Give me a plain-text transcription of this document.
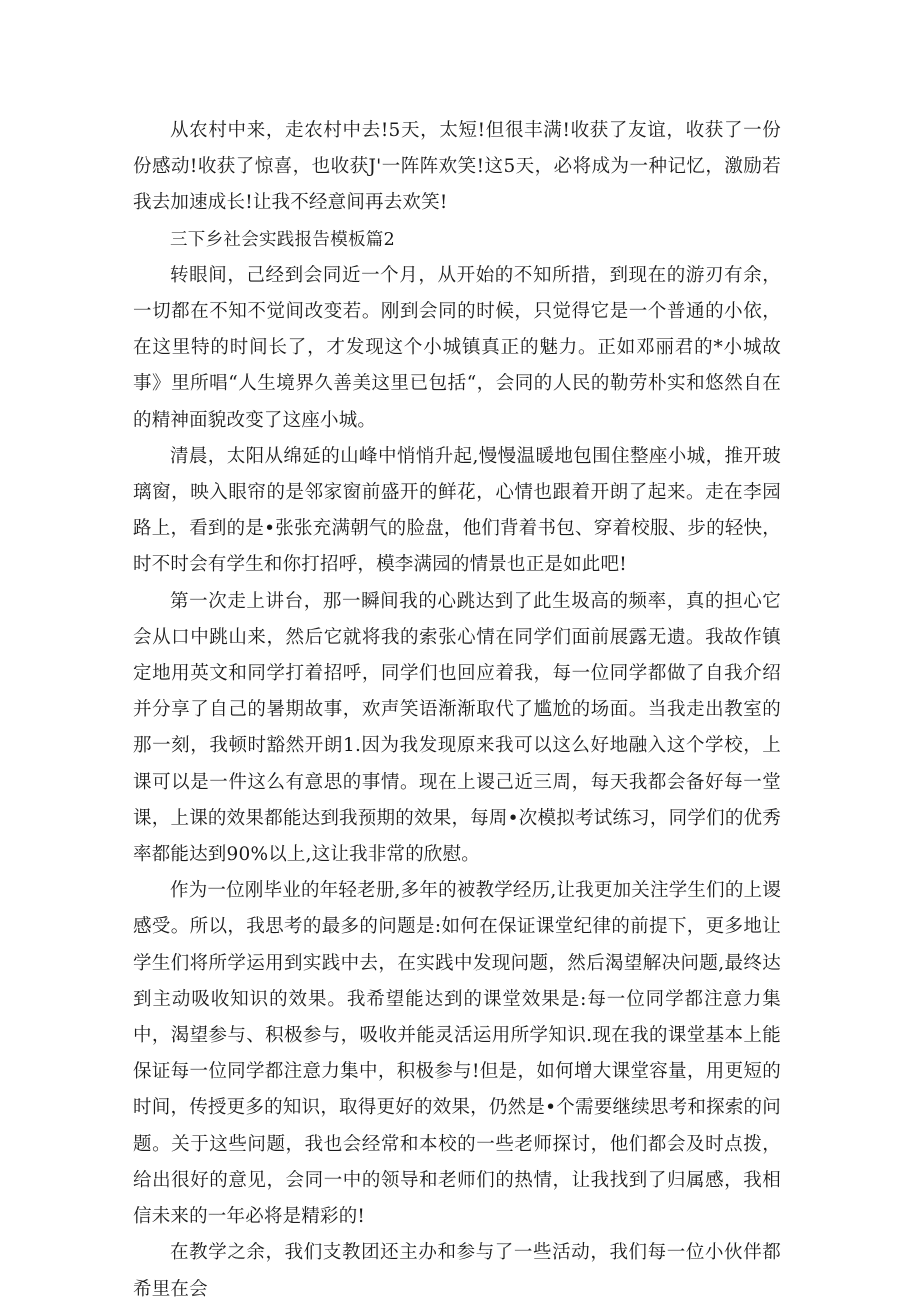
从农村中来，走农村中去!5天，太短!但很丰满!收获了友谊，收获了一份份感动!收获了惊喜，也收获J'一阵阵欢笑!这5天，必将成为一种记忆，激励若我去加速成长!让我不经意间再去欢笑!

三下乡社会实践报告模板篇2

转眼间，己经到会同近一个月，从开始的不知所措，到现在的游刃有余，一切都在不知不觉间改变若。刚到会同的时候，只觉得它是一个普通的小依，在这里特的时间长了，才发现这个小城镇真正的魅力。正如邓丽君的*小城故事》里所唱“人生境界久善美这里已包括“，会同的人民的勒劳朴实和悠然自在的精神面貌改变了这座小城。

清晨，太阳从绵延的山峰中悄悄升起,慢慢温暖地包围住整座小城，推开玻璃窗，映入眼帘的是邻家窗前盛开的鲜花，心情也跟着开朗了起来。走在李园路上，看到的是•张张充满朝气的脸盘，他们背着书包、穿着校服、步的轻快，时不时会有学生和你打招呼，模李满园的情景也正是如此吧!

第一次走上讲台，那一瞬间我的心跳达到了此生圾高的频率，真的担心它会从口中跳山来，然后它就将我的索张心情在同学们面前展露无遗。我故作镇定地用英文和同学打着招呼，同学们也回应着我，每一位同学都做了自我介绍并分享了自己的暑期故事，欢声笑语渐渐取代了尴尬的场面。当我走出教室的那一刻，我顿时豁然开朗1.因为我发现原来我可以这么好地融入这个学校，上课可以是一件这么有意思的事情。现在上谡己近三周，每天我都会备好每一堂课，上课的效果都能达到我预期的效果，每周•次模拟考试练习，同学们的优秀率都能达到90%以上,这让我非常的欣慰。

作为一位刚毕业的年轻老册,多年的被教学经历,让我更加关注学生们的上谡感受。所以，我思考的最多的问题是:如何在保证课堂纪律的前提下，更多地让学生们将所学运用到实践中去，在实践中发现问题，然后渴望解决问题,最终达到主动吸收知识的效果。我希望能达到的课堂效果是:每一位同学都注意力集中，渴望参与、积极参与，吸收并能灵活运用所学知识.现在我的课堂基本上能保证每一位同学都注意力集中，积极参与!但是，如何增大课堂容量，用更短的时间，传授更多的知识，取得更好的效果，仍然是•个需要继续思考和探索的问题。关于这些问题，我也会经常和本校的一些老师探讨，他们都会及时点拨，给出很好的意见，会同一中的领导和老师们的热情，让我找到了归属感，我相信未来的一年必将是精彩的!

在教学之余，我们支教团还主办和参与了一些活动，我们每一位小伙伴都希里在会
